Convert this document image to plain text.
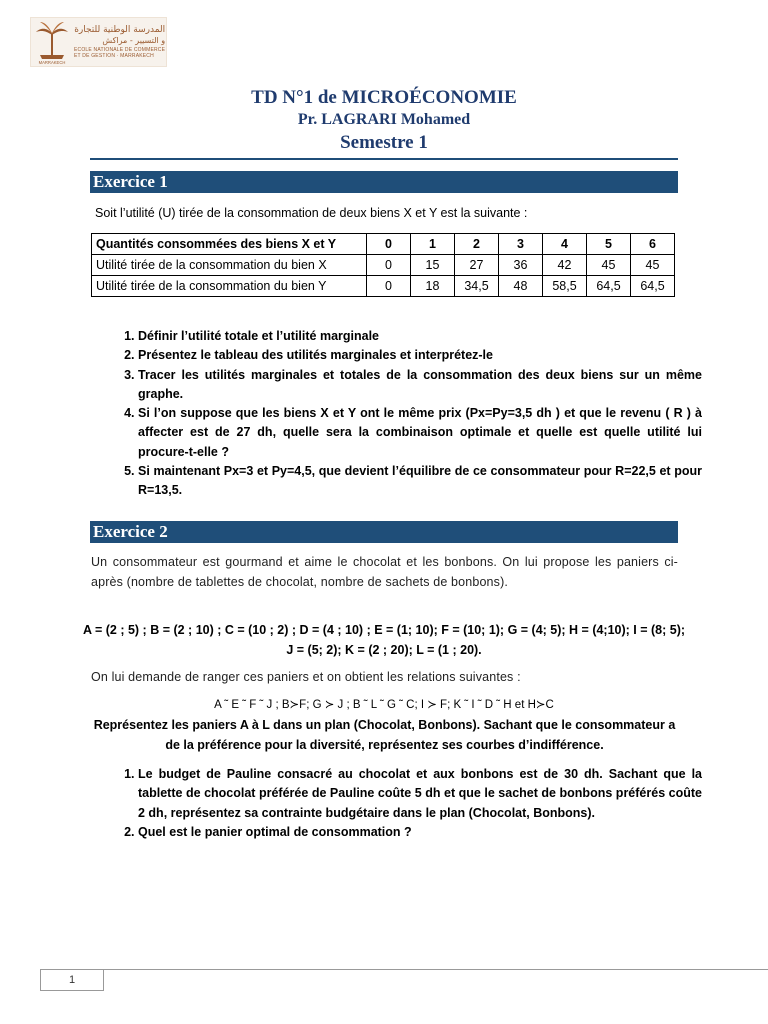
MARRAKECH
المدرسة الوطنية للتجارة
و التسيير - مراكش
ECOLE NATIONALE DE COMMERCE
ET DE GESTION · MARRAKECH
TD N°1 de MICROÉCONOMIE
Pr. LAGRARI Mohamed
Semestre 1
Exercice 1
Soit l’utilité (U) tirée de la consommation de deux biens X et Y est la suivante :
Quantités consommées des biens X et Y	0	1	2	3	4	5	6
Utilité tirée de la consommation du bien X	0	15	27	36	42	45	45
Utilité tirée de la consommation du bien Y	0	18	34,5	48	58,5	64,5	64,5
1. Définir l’utilité totale et l’utilité marginale
2. Présentez le tableau des utilités marginales et interprétez-le
3. Tracer les utilités marginales et totales de la consommation des deux biens sur un même graphe.
4. Si l’on suppose que les biens X et Y ont le même prix (Px=Py=3,5 dh ) et que le revenu ( R ) à affecter est de 27 dh, quelle sera la combinaison optimale et quelle est quelle utilité lui procure-t-elle ?
5. Si maintenant Px=3 et Py=4,5, que devient l’équilibre de ce consommateur pour R=22,5 et pour R=13,5.
Exercice 2
Un consommateur est gourmand et aime le chocolat et les bonbons. On lui propose les paniers ci-après (nombre de tablettes de chocolat, nombre de sachets de bonbons).
A = (2 ; 5) ; B = (2 ; 10) ; C = (10 ; 2) ; D = (4 ; 10) ; E = (1; 10); F = (10; 1); G = (4; 5); H = (4;10); I = (8; 5); J = (5; 2); K = (2 ; 20); L = (1 ; 20).
On lui demande de ranger ces paniers et on obtient les relations suivantes :
A ˜ E ˜ F ˜ J ; B≻F; G ≻ J ; B ˜ L ˜ G ˜ C; I ≻ F; K ˜ I ˜ D ˜ H et H≻C
Représentez les paniers A à L dans un plan (Chocolat, Bonbons). Sachant que le consommateur a de la préférence pour la diversité, représentez ses courbes d’indifférence.
1. Le budget de Pauline consacré au chocolat et aux bonbons est de 30 dh. Sachant que la tablette de chocolat préférée de Pauline coûte 5 dh et que le sachet de bonbons préférés coûte 2 dh, représentez sa contrainte budgétaire dans le plan (Chocolat, Bonbons).
2. Quel est le panier optimal de consommation ?
1
